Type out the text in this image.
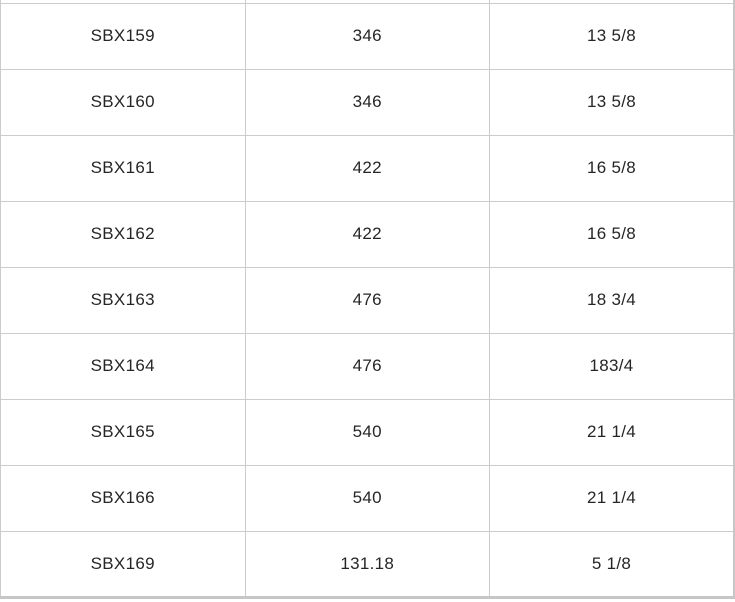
SBX159	346	13 5/8
SBX160	346	13 5/8
SBX161	422	16 5/8
SBX162	422	16 5/8
SBX163	476	18 3/4
SBX164	476	183/4
SBX165	540	21 1/4
SBX166	540	21 1/4
SBX169	131.18	5 1/8
